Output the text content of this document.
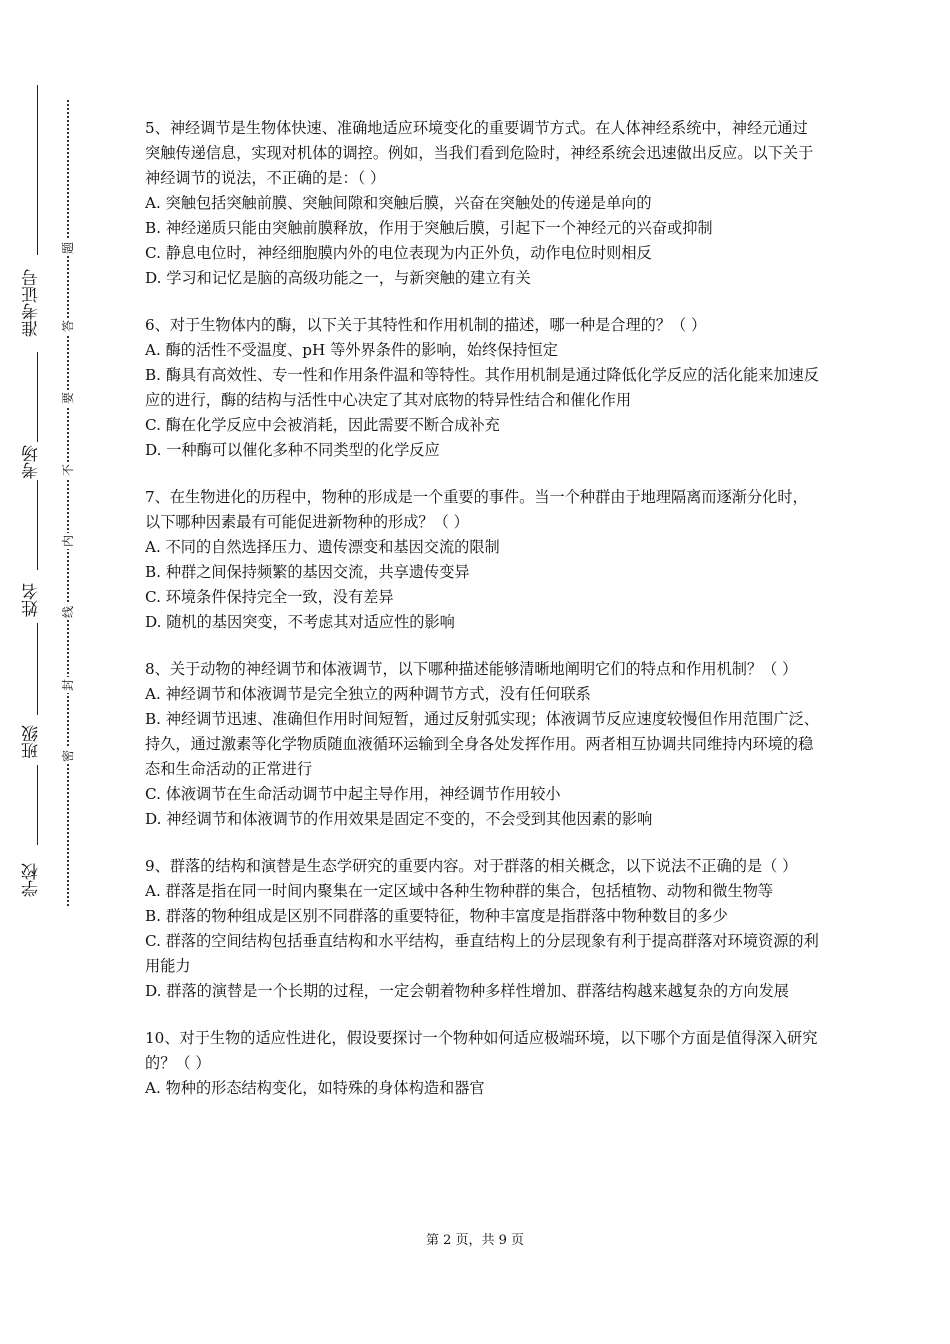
准考证号
考场
姓名
班级
学校
题
答
要
不
内
线
封
密

5、神经调节是生物体快速、准确地适应环境变化的重要调节方式。在人体神经系统中，神经元通过突触传递信息，实现对机体的调控。例如，当我们看到危险时，神经系统会迅速做出反应。以下关于神经调节的说法，不正确的是：（ ）

A. 突触包括突触前膜、突触间隙和突触后膜，兴奋在突触处的传递是单向的

B. 神经递质只能由突触前膜释放，作用于突触后膜，引起下一个神经元的兴奋或抑制

C. 静息电位时，神经细胞膜内外的电位表现为内正外负，动作电位时则相反

D. 学习和记忆是脑的高级功能之一，与新突触的建立有关

6、对于生物体内的酶，以下关于其特性和作用机制的描述，哪一种是合理的？（ ）

A. 酶的活性不受温度、pH 等外界条件的影响，始终保持恒定

B. 酶具有高效性、专一性和作用条件温和等特性。其作用机制是通过降低化学反应的活化能来加速反应的进行，酶的结构与活性中心决定了其对底物的特异性结合和催化作用

C. 酶在化学反应中会被消耗，因此需要不断合成补充

D. 一种酶可以催化多种不同类型的化学反应

7、在生物进化的历程中，物种的形成是一个重要的事件。当一个种群由于地理隔离而逐渐分化时，以下哪种因素最有可能促进新物种的形成？（ ）

A. 不同的自然选择压力、遗传漂变和基因交流的限制

B. 种群之间保持频繁的基因交流，共享遗传变异

C. 环境条件保持完全一致，没有差异

D. 随机的基因突变，不考虑其对适应性的影响

8、关于动物的神经调节和体液调节，以下哪种描述能够清晰地阐明它们的特点和作用机制？（ ）

A. 神经调节和体液调节是完全独立的两种调节方式，没有任何联系

B. 神经调节迅速、准确但作用时间短暂，通过反射弧实现；体液调节反应速度较慢但作用范围广泛、持久，通过激素等化学物质随血液循环运输到全身各处发挥作用。两者相互协调共同维持内环境的稳态和生命活动的正常进行

C. 体液调节在生命活动调节中起主导作用，神经调节作用较小

D. 神经调节和体液调节的作用效果是固定不变的，不会受到其他因素的影响

9、群落的结构和演替是生态学研究的重要内容。对于群落的相关概念，以下说法不正确的是（ ）

A. 群落是指在同一时间内聚集在一定区域中各种生物种群的集合，包括植物、动物和微生物等

B. 群落的物种组成是区别不同群落的重要特征，物种丰富度是指群落中物种数目的多少

C. 群落的空间结构包括垂直结构和水平结构，垂直结构上的分层现象有利于提高群落对环境资源的利用能力

D. 群落的演替是一个长期的过程，一定会朝着物种多样性增加、群落结构越来越复杂的方向发展

10、对于生物的适应性进化，假设要探讨一个物种如何适应极端环境，以下哪个方面是值得深入研究的？（ ）

A. 物种的形态结构变化，如特殊的身体构造和器官

第 2 页，共 9 页
